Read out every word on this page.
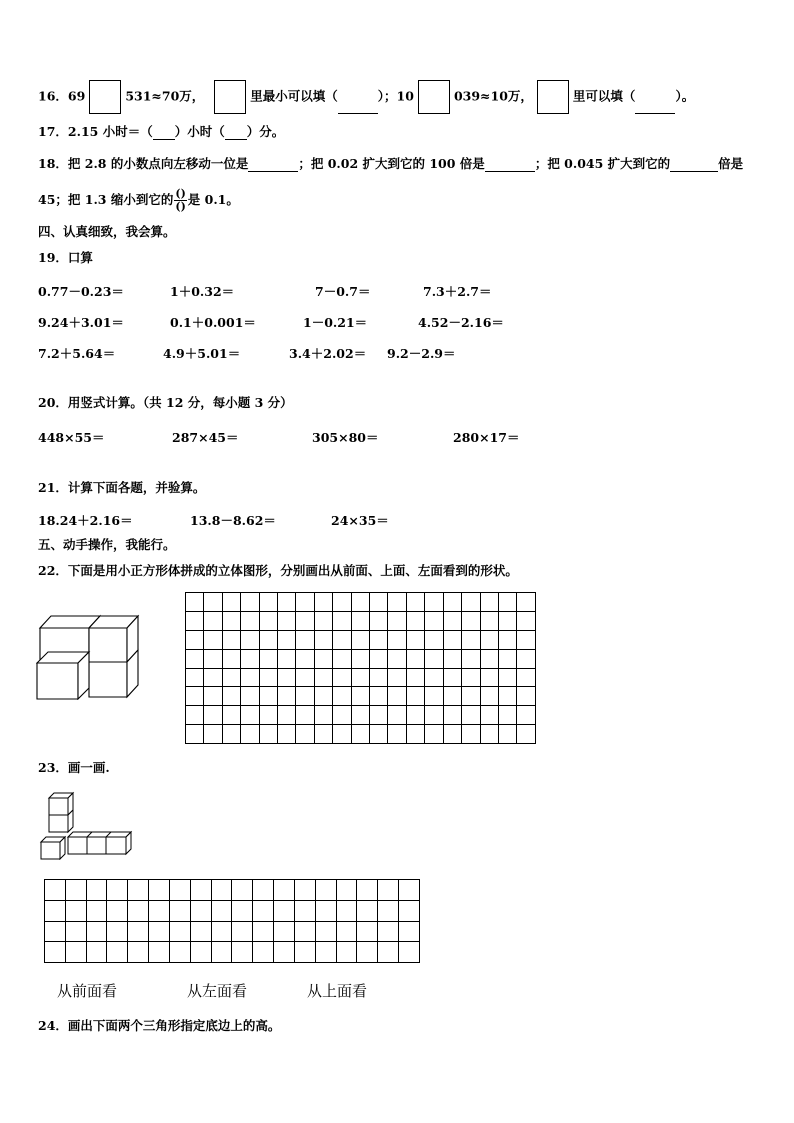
16．69	531≈70万，	里最小可以填（	）；10	039≈10万，	里可以填（	）。
17．2.15 小时＝（ ）小时（ ）分。
18．把 2.8 的小数点向左移动一位是	；把 0.02 扩大到它的 100 倍是	；把 0.045 扩大到它的	倍是
45；把 1.3 缩小到它的 $\frac{()}{()}$ 是 0.1。
四、认真细致，我会算。
19．口算
0.77－0.23＝	1＋0.32＝	7－0.7＝	7.3＋2.7＝
9.24＋3.01＝	0.1＋0.001＝	1－0.21＝	4.52－2.16＝
7.2＋5.64＝	4.9＋5.01＝	3.4＋2.02＝ 9.2－2.9＝
20．用竖式计算。（共 12 分，每小题 3 分）
448×55＝	287×45＝	305×80＝	280×17＝
21．计算下面各题，并验算。
18.24＋2.16＝	13.8－8.62＝	24×35＝
五、动手操作，我能行。
22．下面是用小正方形体拼成的立体图形，分别画出从前面、上面、左面看到的形状。

23．画一画.

从前面看	从左面看	从上面看
24．画出下面两个三角形指定底边上的高。
